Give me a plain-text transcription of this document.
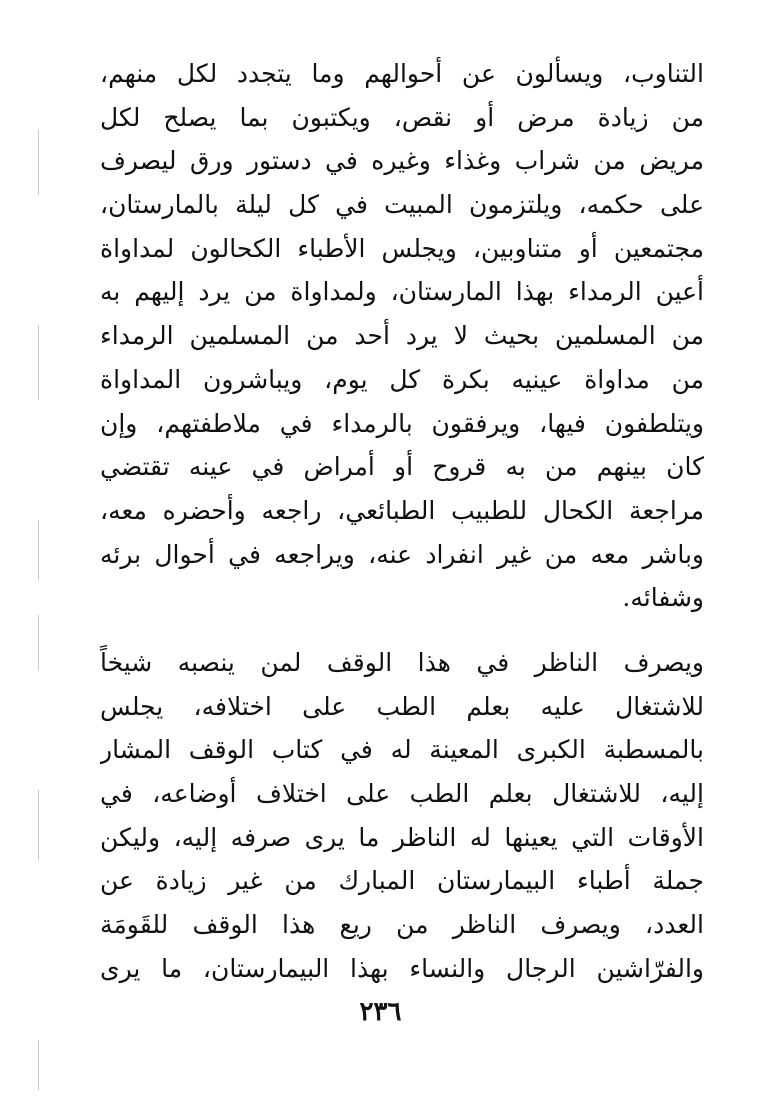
التناوب، ويسألون عن أحوالهم وما يتجدد لكل منهم،
من زيادة مرض أو نقص، ويكتبون بما يصلح لكل
مريض من شراب وغذاء وغيره في دستور ورق ليصرف
على حكمه، ويلتزمون المبيت في كل ليلة بالمارستان،
مجتمعين أو متناوبين، ويجلس الأطباء الكحالون لمداواة
أعين الرمداء بهذا المارستان، ولمداواة من يرد إليهم به
من المسلمين بحيث لا يرد أحد من المسلمين الرمداء
من مداواة عينيه بكرة كل يوم، ويباشرون المداواة
ويتلطفون فيها، ويرفقون بالرمداء في ملاطفتهم، وإن
كان بينهم من به قروح أو أمراض في عينه تقتضي
مراجعة الكحال للطبيب الطبائعي، راجعه وأحضره معه،
وباشر معه من غير انفراد عنه، ويراجعه في أحوال برئه
وشفائه.
ويصرف الناظر في هذا الوقف لمن ينصبه شيخاً
للاشتغال عليه بعلم الطب على اختلافه، يجلس
بالمسطبة الكبرى المعينة له في كتاب الوقف المشار
إليه، للاشتغال بعلم الطب على اختلاف أوضاعه، في
الأوقات التي يعينها له الناظر ما يرى صرفه إليه، وليكن
جملة أطباء البيمارستان المبارك من غير زيادة عن
العدد، ويصرف الناظر من ريع هذا الوقف للقَومَة
والفرّاشين الرجال والنساء بهذا البيمارستان، ما يرى
٢٣٦
